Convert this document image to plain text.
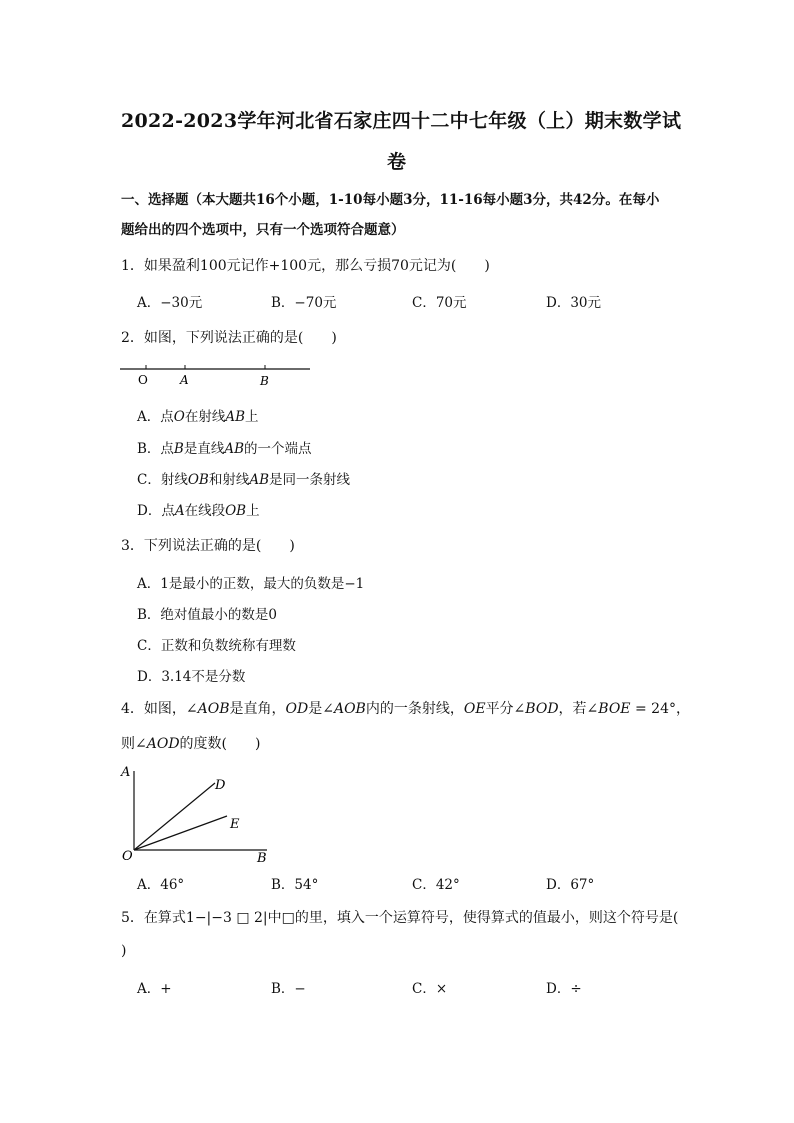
2022-2023学年河北省石家庄四十二中七年级（上）期末数学试
卷
一、选择题（本大题共16个小题，1-10每小题3分，11-16每小题3分，共42分。在每小
题给出的四个选项中，只有一个选项符合题意）
1．如果盈利100元记作+100元，那么亏损70元记为(　　)
A．−30元	B．−70元	C．70元	D．30元
2．如图，下列说法正确的是(　　)
O	A	B
A．点O在射线AB上
B．点B是直线AB的一个端点
C．射线OB和射线AB是同一条射线
D．点A在线段OB上
3．下列说法正确的是(　　)
A．1是最小的正数，最大的负数是−1
B．绝对值最小的数是0
C．正数和负数统称有理数
D．3.14不是分数
4．如图，∠AOB是直角，OD是∠AOB内的一条射线，OE平分∠BOD，若∠BOE = 24°，
则∠AOD的度数(　　)
A
D
E
O	B
A．46°	B．54°	C．42°	D．67°
5．在算式1−|−3 □ 2|中□的里，填入一个运算符号，使得算式的值最小，则这个符号是(
)
A．+	B．−	C．×	D．÷
